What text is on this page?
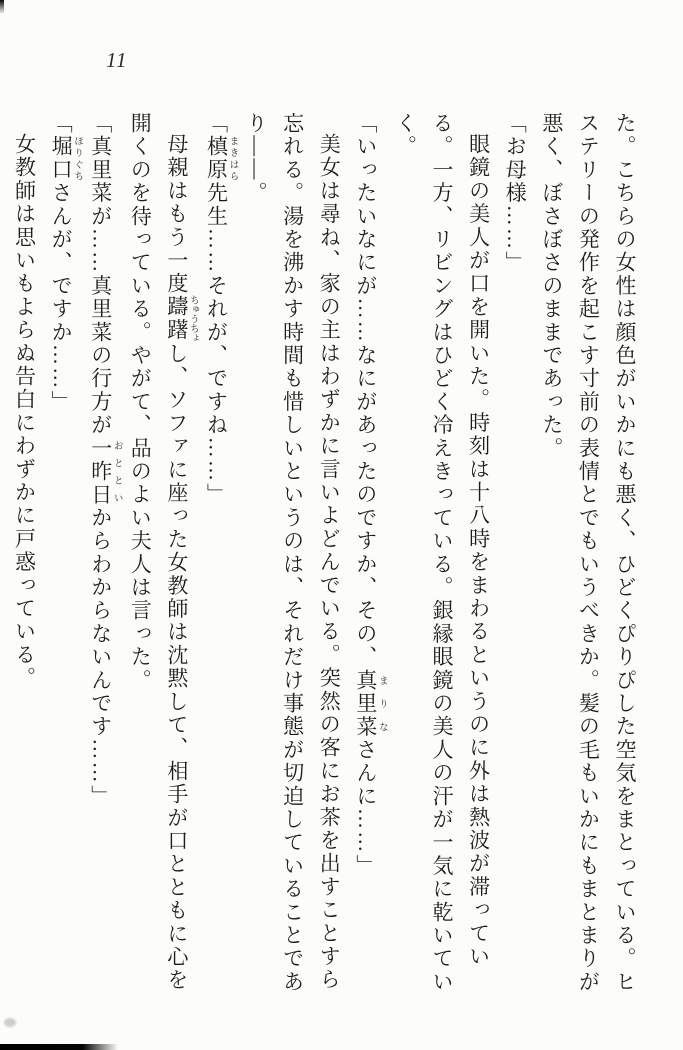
11

た。こちらの女性は顔色がいかにも悪く、ひどくぴりぴした空気をまとっている。ヒステリーの発作を起こす寸前の表情とでもいうべきか。髪の毛もいかにもまとまりが悪く、ぼさぼさのままであった。

「お母様……」

眼鏡の美人が口を開いた。時刻は十八時をまわるというのに外は熱波が滞っている。一方、リビングはひどく冷えきっている。銀縁眼鏡の美人の汗が一気に乾いていく。

「いったいなにが……なにがあったのですか、その、真里菜 まりなさんに……」

美女は尋ね、家の主はわずかに言いよどんでいる。突然の客にお茶を出すことすら忘れる。湯を沸かす時間も惜しいというのは、それだけ事態が切迫していることであり――。

「槙原 まきはら先生……それが、ですね……」

母親はもう一度躊躇 ちゅうちょし、ソファに座った女教師は沈黙して、相手が口とともに心を開くのを待っている。やがて、品のよい夫人は言った。

「真里菜が……真里菜の行方が一昨日 おとといからわからないんです……」

「堀口 ほりぐちさんが、ですか……」

女教師は思いもよらぬ告白にわずかに戸惑っている。
